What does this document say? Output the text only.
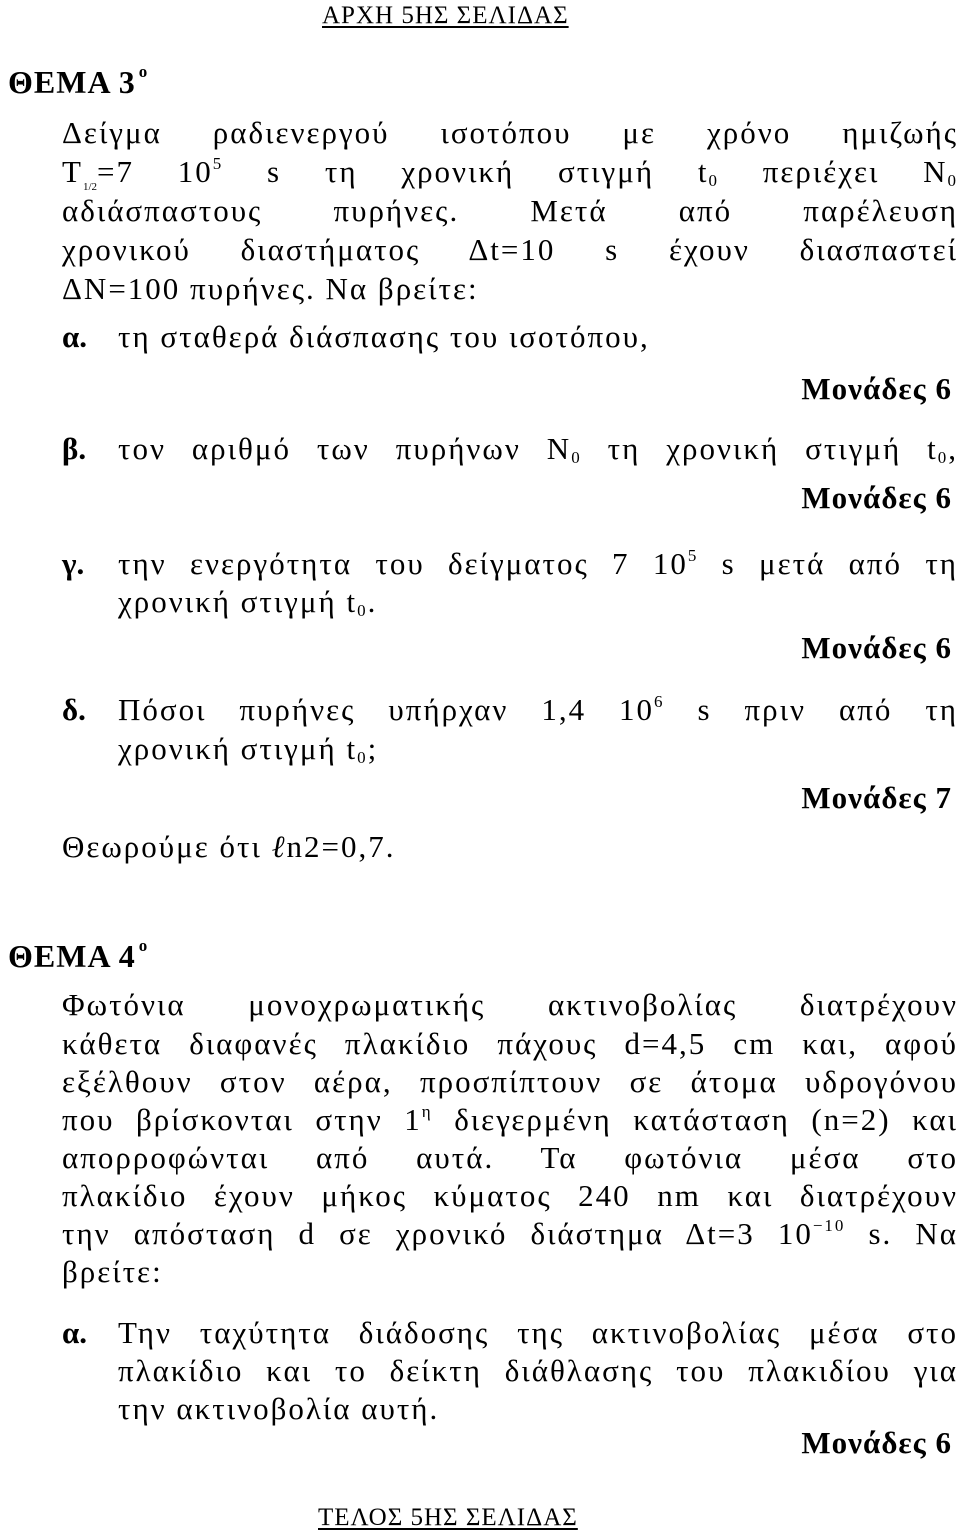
ΑΡΧΗ 5ΗΣ ΣΕΛΙΔΑΣ
ΘΕΜΑ 3 $^o$
Δείγμα ραδιενεργού ισοτόπου με χρόνο ημιζωής
$T_{1/2}=7$ $10^5$ s τη χρονική στιγμή $t_0$ περιέχει $N_0$
αδιάσπαστους πυρήνες. Μετά από παρέλευση
χρονικού διαστήματος Δt=10 s έχουν διασπαστεί
ΔN=100 πυρήνες. Να βρείτε:
α. τη σταθερά διάσπασης του ισοτόπου,
Μονάδες 6
β. τον αριθμό των πυρήνων $N_0$ τη χρονική στιγμή $t_0$,
Μονάδες 6
γ. την ενεργότητα του δείγματος 7 $10^5$ s μετά από τη
χρονική στιγμή $t_0$.
Μονάδες 6
δ. Πόσοι πυρήνες υπήρχαν 1,4 $10^6$ s πριν από τη
χρονική στιγμή $t_0$;
Μονάδες 7
Θεωρούμε ότι ℓn2=0,7.
ΘΕΜΑ 4 $^o$
Φωτόνια μονοχρωματικής ακτινοβολίας διατρέχουν
κάθετα διαφανές πλακίδιο πάχους d=4,5 cm και, αφού
εξέλθουν στον αέρα, προσπίπτουν σε άτομα υδρογόνου
που βρίσκονται στην $1^\eta$ διεγερμένη κατάσταση (n=2) και
απορροφώνται από αυτά. Τα φωτόνια μέσα στο
πλακίδιο έχουν μήκος κύματος 240 nm και διατρέχουν
την απόσταση d σε χρονικό διάστημα Δt=3 $10^{-10}$ s. Να
βρείτε:
α. Την ταχύτητα διάδοσης της ακτινοβολίας μέσα στο
πλακίδιο και το δείκτη διάθλασης του πλακιδίου για
την ακτινοβολία αυτή.
Μονάδες 6
ΤΕΛΟΣ 5ΗΣ ΣΕΛΙΔΑΣ
